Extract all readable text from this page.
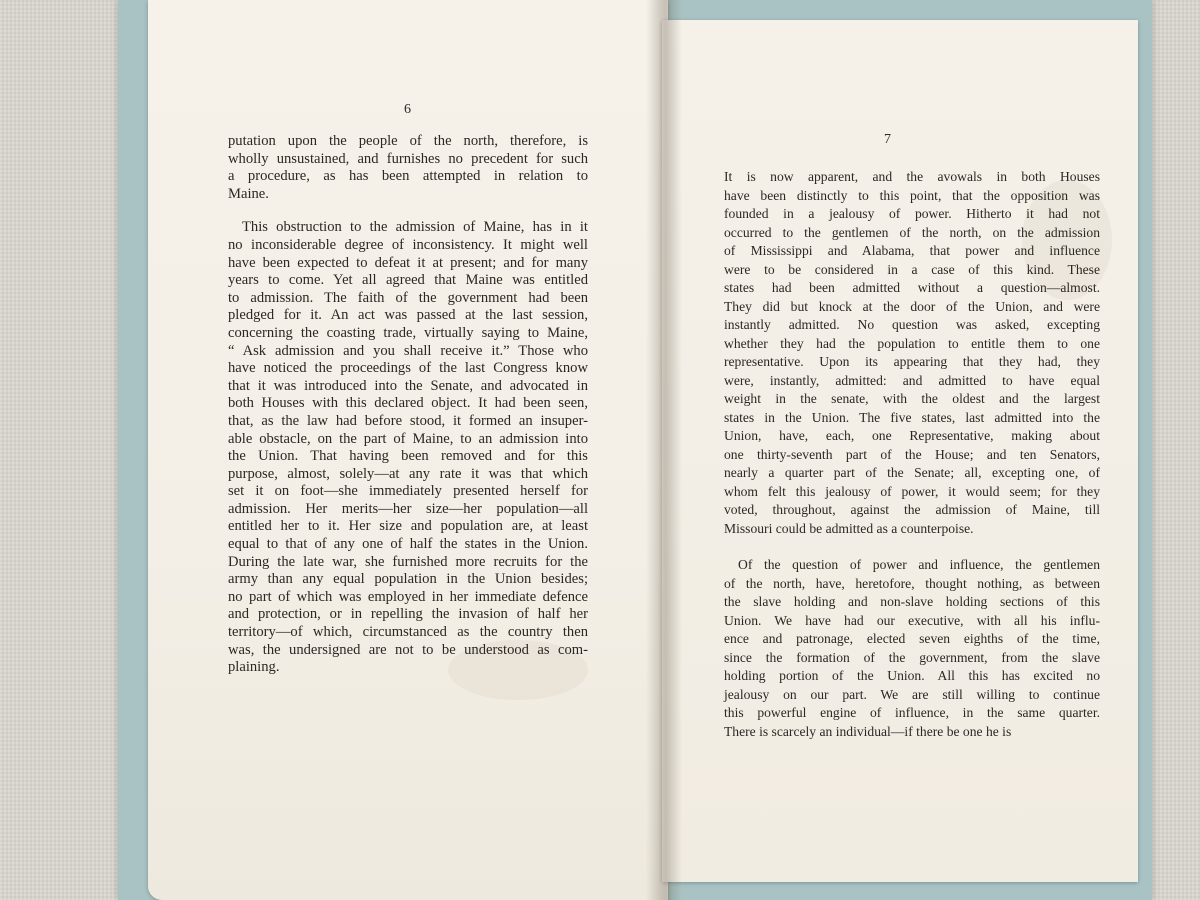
6
putation upon the people of the north, therefore, is
wholly unsustained, and furnishes no precedent for such
a procedure, as has been attempted in relation to
Maine.
This obstruction to the admission of Maine, has in it
no inconsiderable degree of inconsistency. It might well
have been expected to defeat it at present; and for many
years to come. Yet all agreed that Maine was entitled
to admission. The faith of the government had been
pledged for it. An act was passed at the last session,
concerning the coasting trade, virtually saying to Maine,
“ Ask admission and you shall receive it.” Those who
have noticed the proceedings of the last Congress know
that it was introduced into the Senate, and advocated in
both Houses with this declared object. It had been seen,
that, as the law had before stood, it formed an insuper-
able obstacle, on the part of Maine, to an admission into
the Union. That having been removed and for this
purpose, almost, solely—at any rate it was that which
set it on foot—she immediately presented herself for
admission. Her merits—her size—her population—all
entitled her to it. Her size and population are, at least
equal to that of any one of half the states in the Union.
During the late war, she furnished more recruits for the
army than any equal population in the Union besides;
no part of which was employed in her immediate defence
and protection, or in repelling the invasion of half her
territory—of which, circumstanced as the country then
was, the undersigned are not to be understood as com-
plaining.
7
It is now apparent, and the avowals in both Houses
have been distinctly to this point, that the opposition was
founded in a jealousy of power. Hitherto it had not
occurred to the gentlemen of the north, on the admission
of Mississippi and Alabama, that power and influence
were to be considered in a case of this kind. These
states had been admitted without a question—almost.
They did but knock at the door of the Union, and were
instantly admitted. No question was asked, excepting
whether they had the population to entitle them to one
representative. Upon its appearing that they had, they
were, instantly, admitted: and admitted to have equal
weight in the senate, with the oldest and the largest
states in the Union. The five states, last admitted into the
Union, have, each, one Representative, making about
one thirty-seventh part of the House; and ten Senators,
nearly a quarter part of the Senate; all, excepting one, of
whom felt this jealousy of power, it would seem; for they
voted, throughout, against the admission of Maine, till
Missouri could be admitted as a counterpoise.
Of the question of power and influence, the gentlemen
of the north, have, heretofore, thought nothing, as between
the slave holding and non-slave holding sections of this
Union. We have had our executive, with all his influ-
ence and patronage, elected seven eighths of the time,
since the formation of the government, from the slave
holding portion of the Union. All this has excited no
jealousy on our part. We are still willing to continue
this powerful engine of influence, in the same quarter.
There is scarcely an individual—if there be one he is
